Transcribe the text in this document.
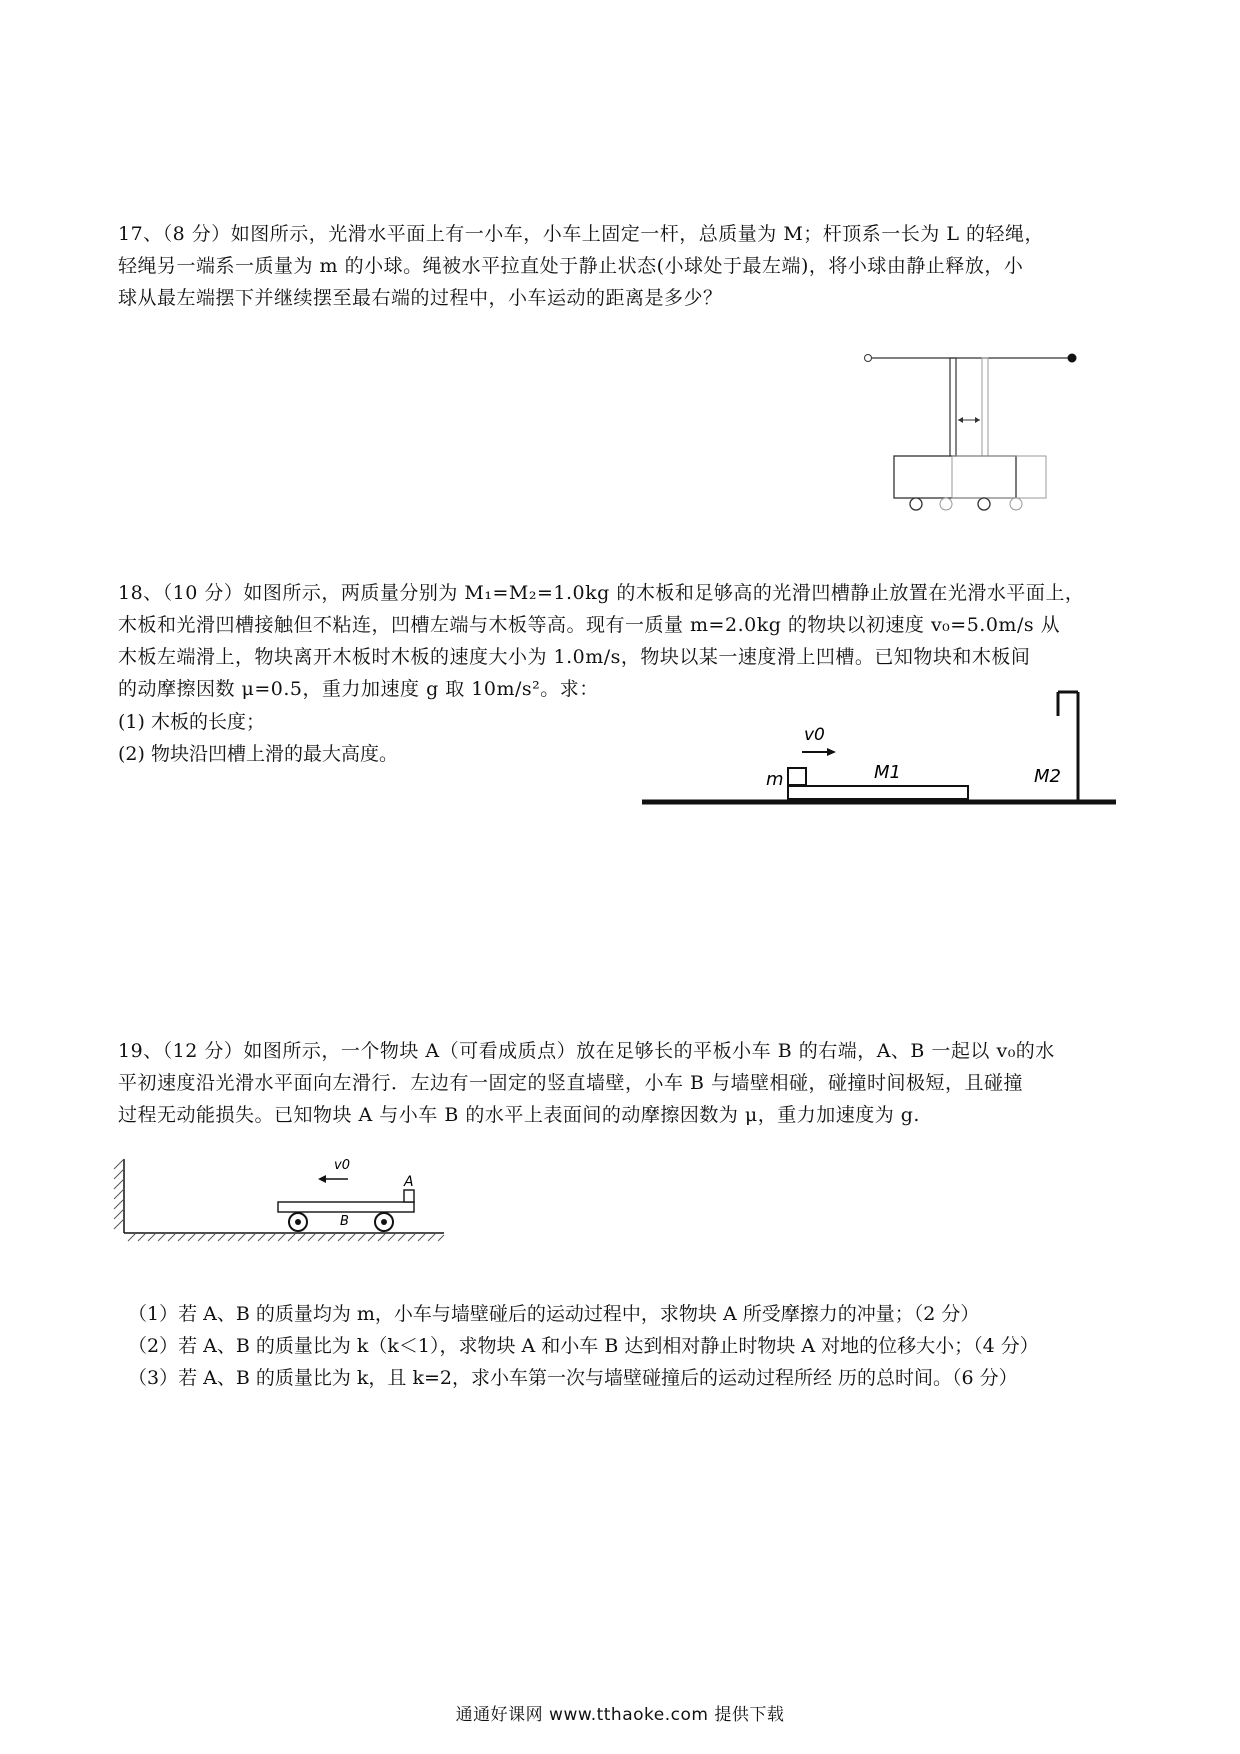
17、（8 分）如图所示，光滑水平面上有一小车，小车上固定一杆，总质量为 M；杆顶系一长为 L 的轻绳，
轻绳另一端系一质量为 m 的小球。绳被水平拉直处于静止状态(小球处于最左端)，将小球由静止释放，小
球从最左端摆下并继续摆至最右端的过程中，小车运动的距离是多少？
18、（10 分）如图所示，两质量分别为 M₁=M₂=1.0kg 的木板和足够高的光滑凹槽静止放置在光滑水平面上，
木板和光滑凹槽接触但不粘连，凹槽左端与木板等高。现有一质量 m=2.0kg 的物块以初速度 v₀=5.0m/s 从
木板左端滑上，物块离开木板时木板的速度大小为 1.0m/s，物块以某一速度滑上凹槽。已知物块和木板间
的动摩擦因数 μ=0.5，重力加速度 g 取 10m/s²。求：
(1) 木板的长度；
(2) 物块沿凹槽上滑的最大高度。
v0
m	M1	M2
19、（12 分）如图所示，一个物块 A（可看成质点）放在足够长的平板小车 B 的右端，A、B 一起以 v₀的水
平初速度沿光滑水平面向左滑行．左边有一固定的竖直墙壁，小车 B 与墙壁相碰，碰撞时间极短，且碰撞
过程无动能损失。已知物块 A 与小车 B 的水平上表面间的动摩擦因数为 μ，重力加速度为 g.
v0
A
B
（1）若 A、B 的质量均为 m，小车与墙壁碰后的运动过程中，求物块 A 所受摩擦力的冲量；（2 分）
（2）若 A、B 的质量比为 k（k＜1），求物块 A 和小车 B 达到相对静止时物块 A 对地的位移大小；（4 分）
（3）若 A、B 的质量比为 k，且 k=2，求小车第一次与墙壁碰撞后的运动过程所经 历的总时间。（6 分）
通通好课网 www.tthaoke.com 提供下载
